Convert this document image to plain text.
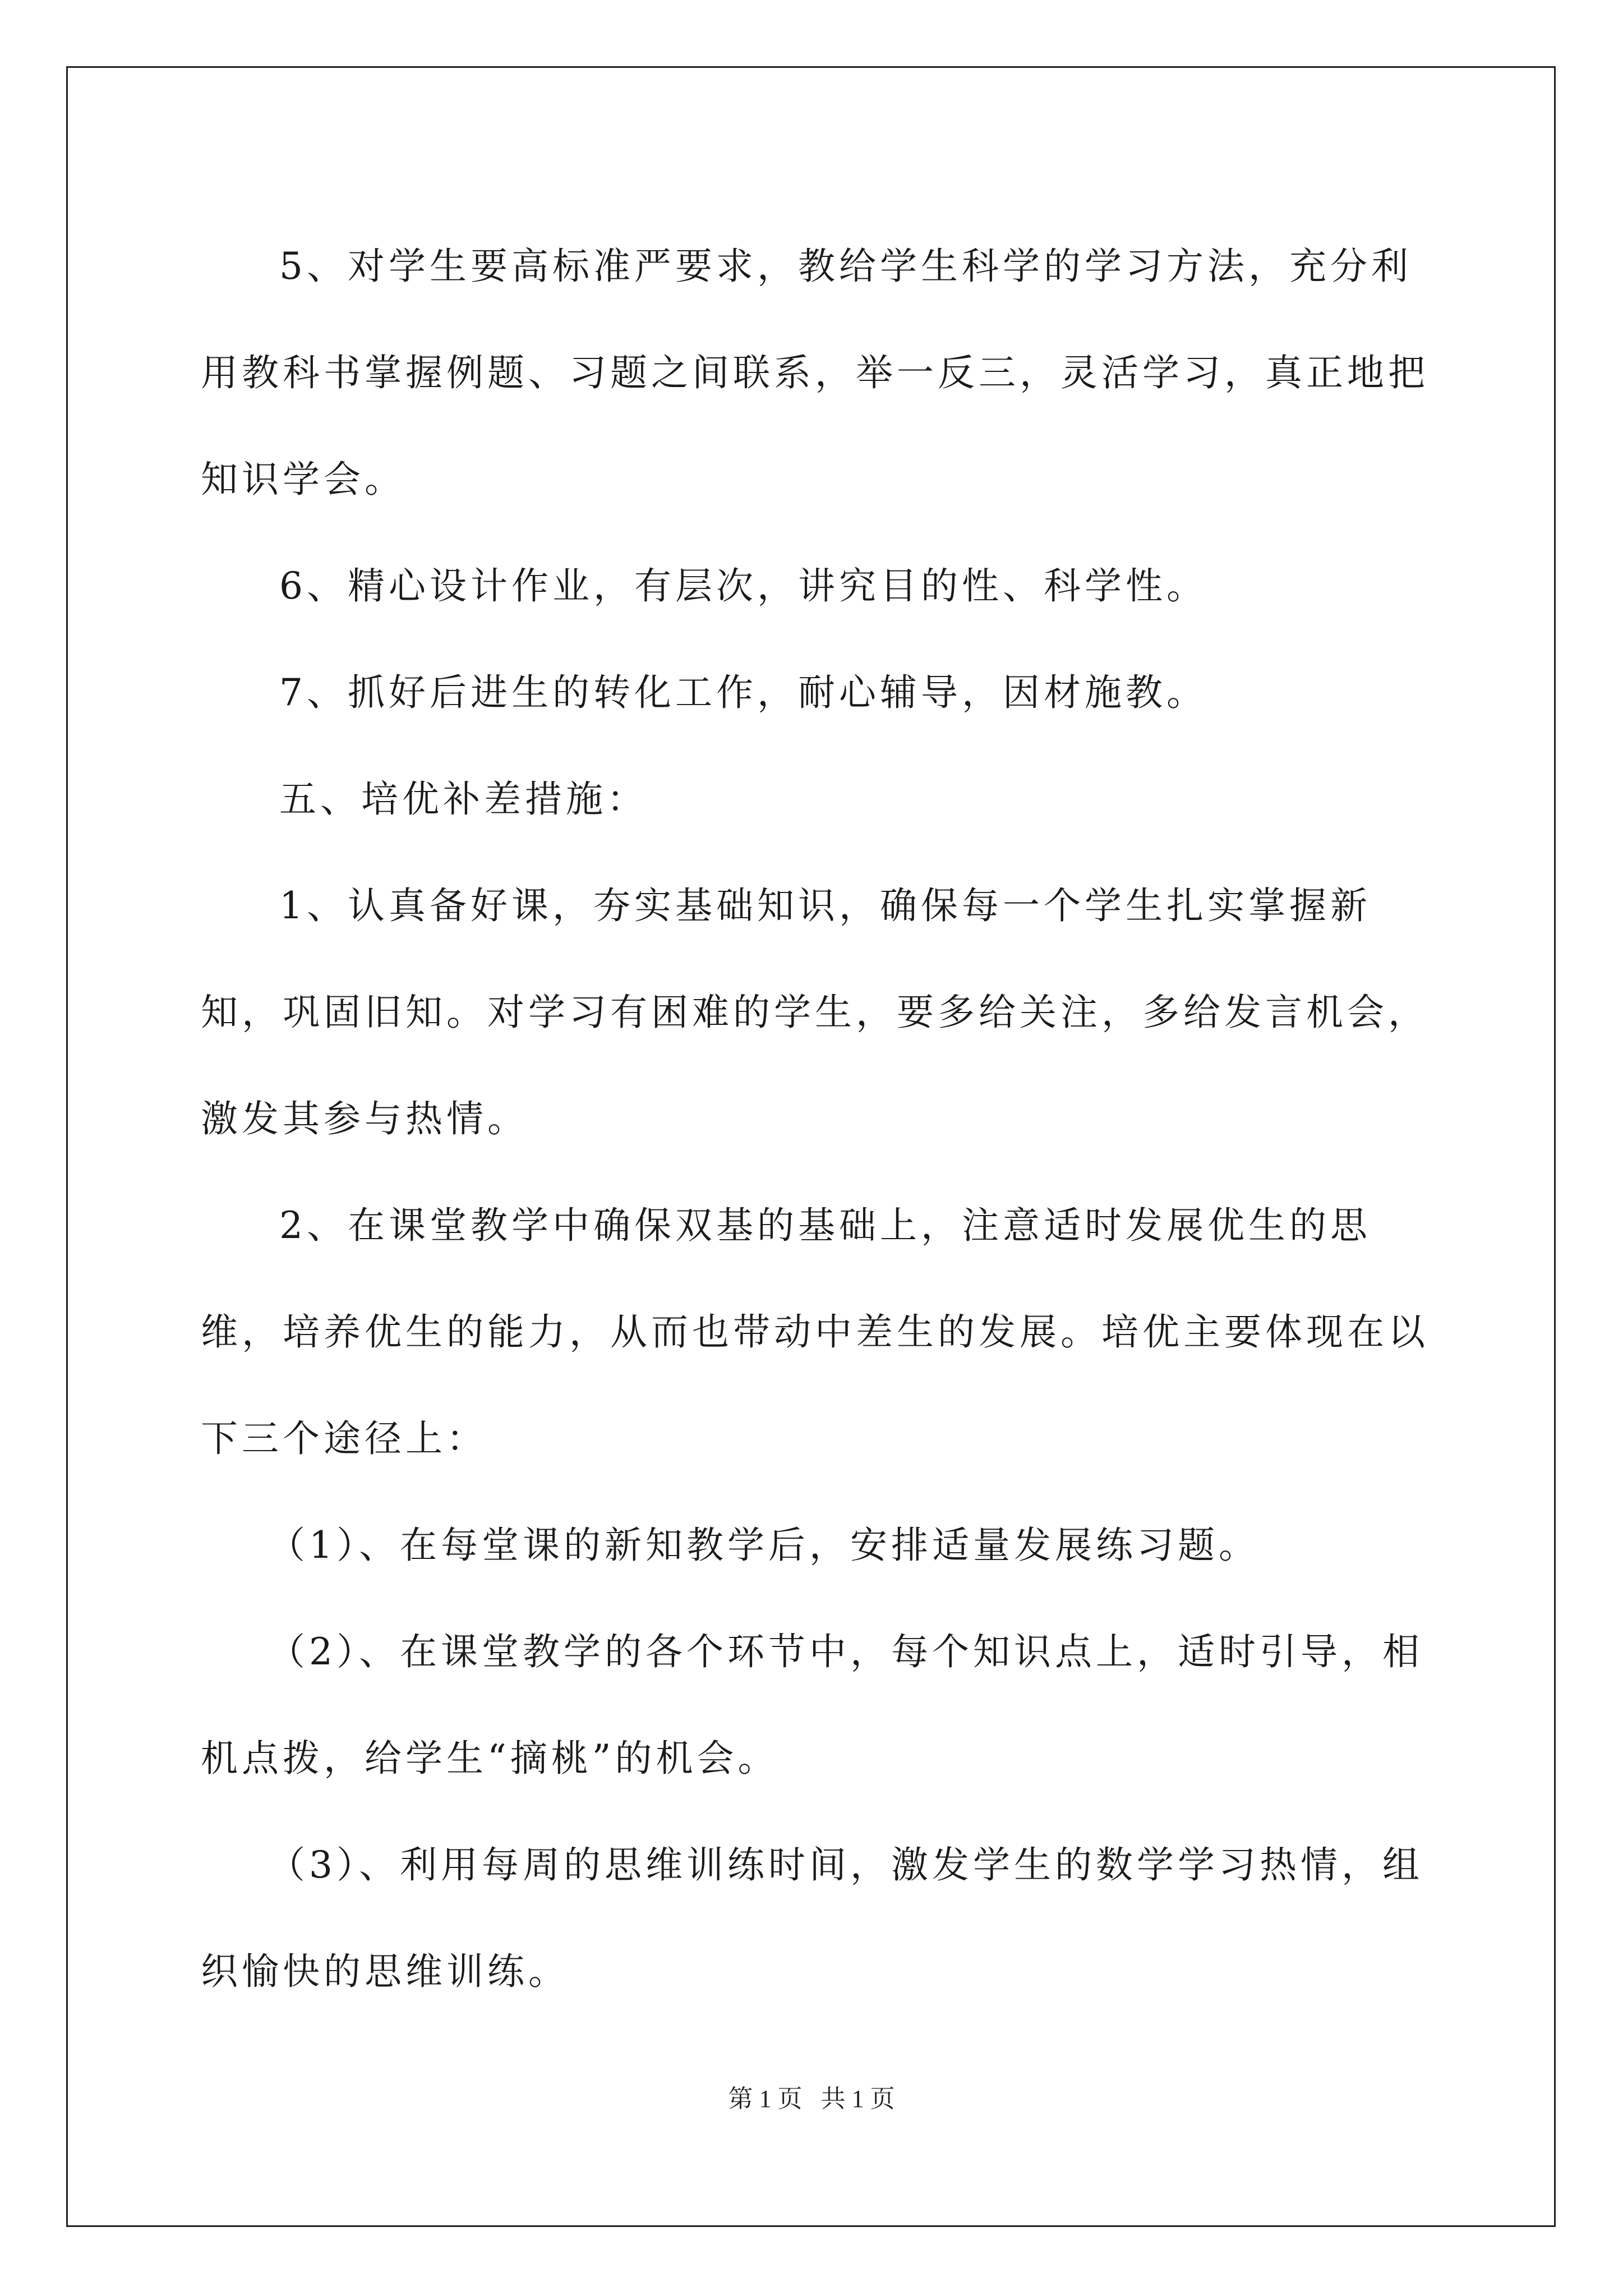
5、对学生要高标准严要求，教给学生科学的学习方法，充分利用教科书掌握例题、习题之间联系，举一反三，灵活学习，真正地把知识学会。

6、精心设计作业，有层次，讲究目的性、科学性。

7、抓好后进生的转化工作，耐心辅导，因材施教。

五、培优补差措施：

1、认真备好课，夯实基础知识，确保每一个学生扎实掌握新知，巩固旧知。对学习有困难的学生，要多给关注，多给发言机会，激发其参与热情。

2、在课堂教学中确保双基的基础上，注意适时发展优生的思维，培养优生的能力，从而也带动中差生的发展。培优主要体现在以下三个途径上：

（1）、在每堂课的新知教学后，安排适量发展练习题。

（2）、在课堂教学的各个环节中，每个知识点上，适时引导，相机点拨，给学生“摘桃”的机会。

（3）、利用每周的思维训练时间，激发学生的数学学习热情，组织愉快的思维训练。

第 1 页   共 1 页
